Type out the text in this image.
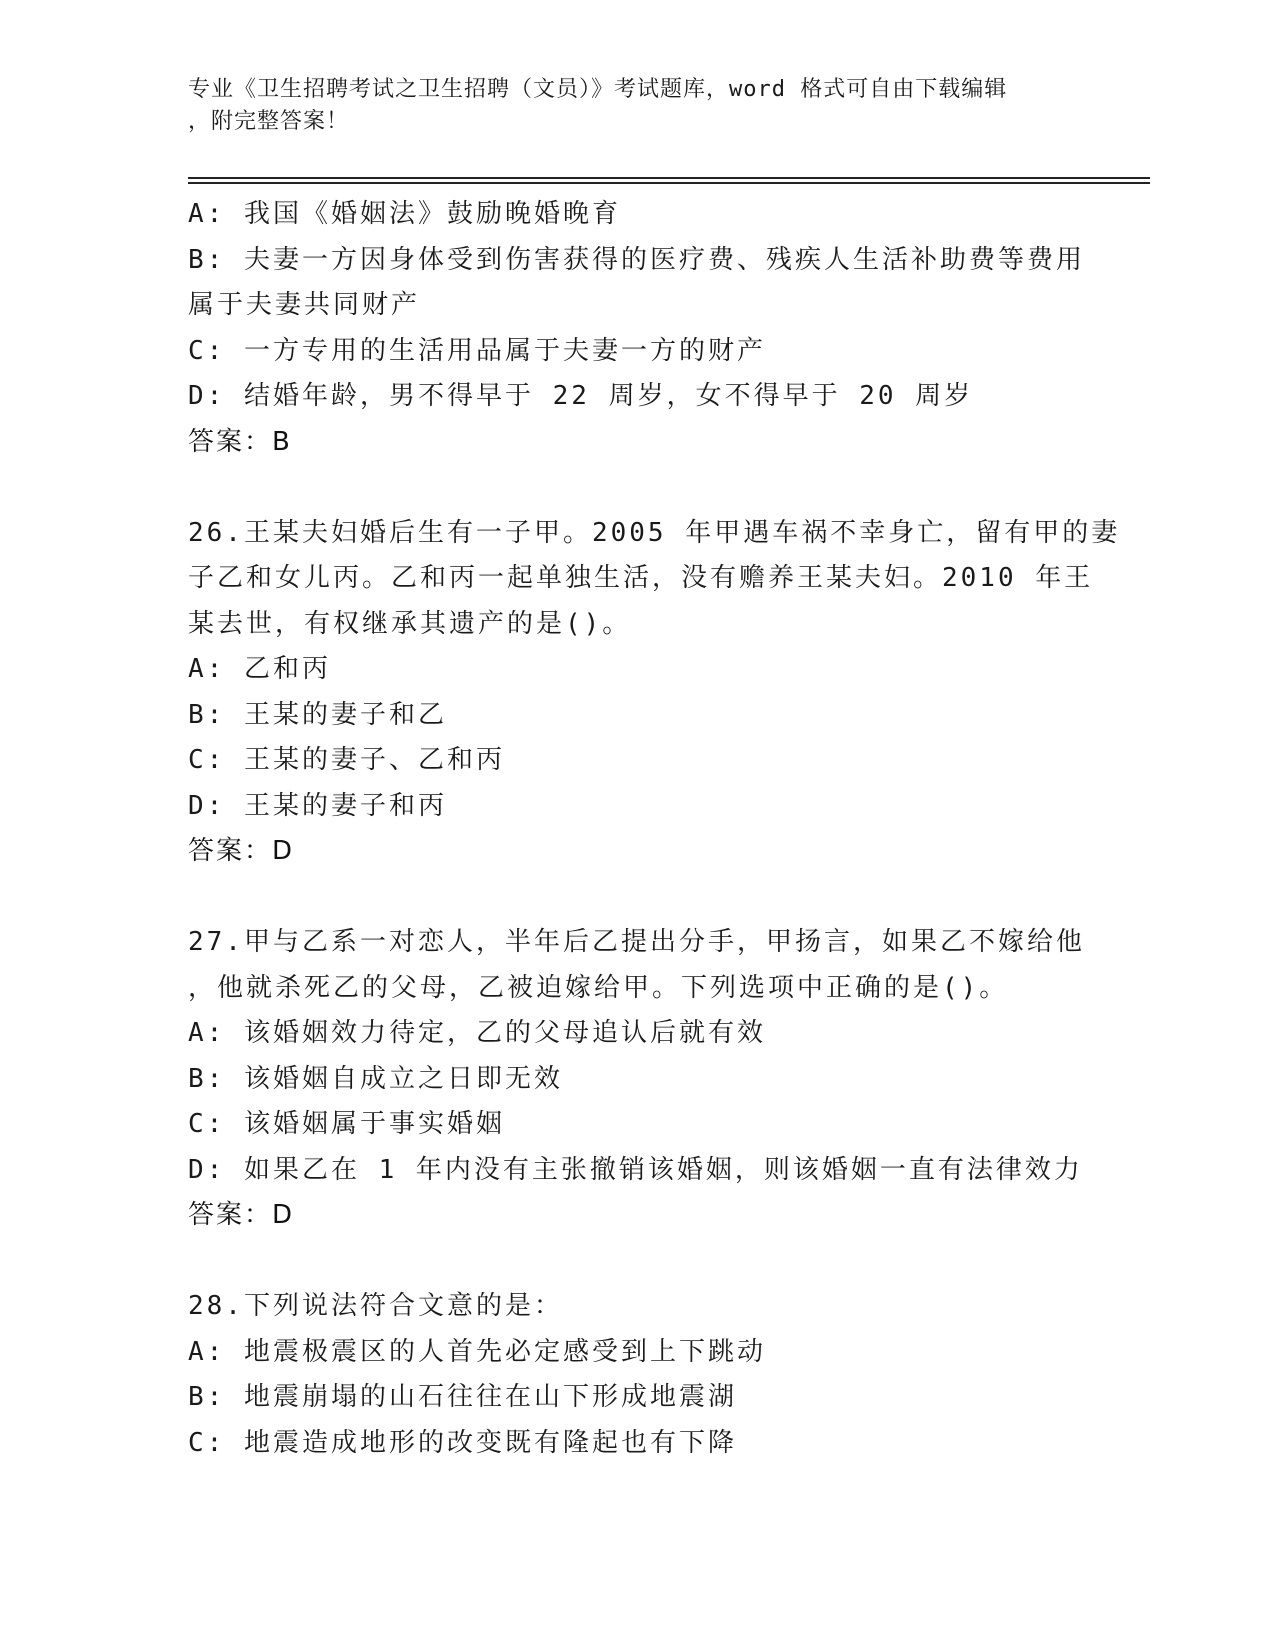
专业《卫生招聘考试之卫生招聘（文员）》考试题库，word 格式可自由下载编辑
，附完整答案！
A: 我国《婚姻法》鼓励晚婚晚育
B: 夫妻一方因身体受到伤害获得的医疗费、残疾人生活补助费等费用
属于夫妻共同财产
C: 一方专用的生活用品属于夫妻一方的财产
D: 结婚年龄，男不得早于 22 周岁，女不得早于 20 周岁
答案：B
26.王某夫妇婚后生有一子甲。2005 年甲遇车祸不幸身亡，留有甲的妻
子乙和女儿丙。乙和丙一起单独生活，没有赡养王某夫妇。2010 年王
某去世，有权继承其遗产的是()。
A: 乙和丙
B: 王某的妻子和乙
C: 王某的妻子、乙和丙
D: 王某的妻子和丙
答案：D
27.甲与乙系一对恋人，半年后乙提出分手，甲扬言，如果乙不嫁给他
，他就杀死乙的父母，乙被迫嫁给甲。下列选项中正确的是()。
A: 该婚姻效力待定，乙的父母追认后就有效
B: 该婚姻自成立之日即无效
C: 该婚姻属于事实婚姻
D: 如果乙在 1 年内没有主张撤销该婚姻，则该婚姻一直有法律效力
答案：D
28.下列说法符合文意的是：
A: 地震极震区的人首先必定感受到上下跳动
B: 地震崩塌的山石往往在山下形成地震湖
C: 地震造成地形的改变既有隆起也有下降
